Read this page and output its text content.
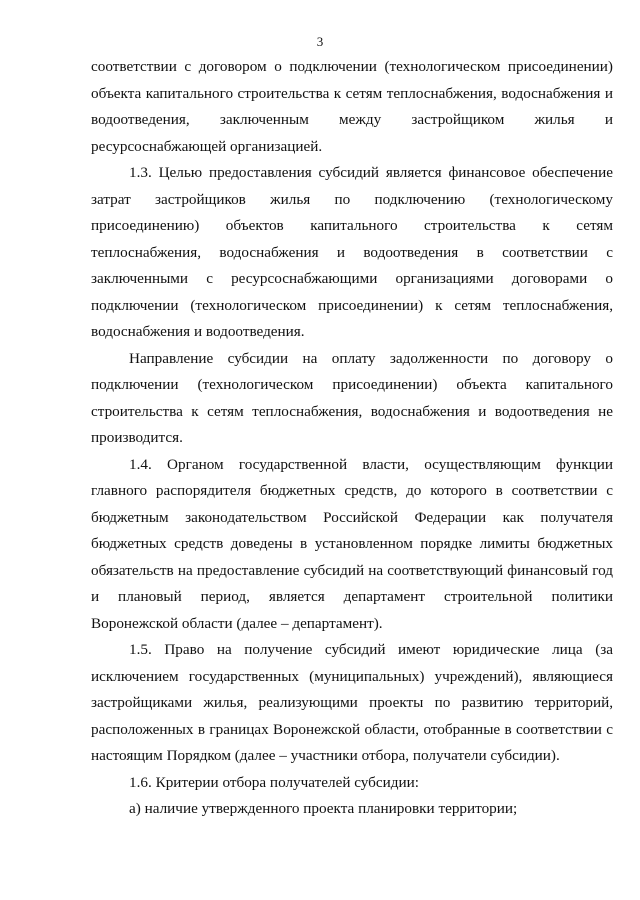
3

соответствии с договором о подключении (технологическом присоединении) объекта капитального строительства к сетям теплоснабжения, водоснабжения и водоотведения, заключенным между застройщиком жилья и ресурсоснабжающей организацией.

1.3. Целью предоставления субсидий является финансовое обеспечение затрат застройщиков жилья по подключению (технологическому присоединению) объектов капитального строительства к сетям теплоснабжения, водоснабжения и водоотведения в соответствии с заключенными с ресурсоснабжающими организациями договорами о подключении (технологическом присоединении) к сетям теплоснабжения, водоснабжения и водоотведения.

Направление субсидии на оплату задолженности по договору о подключении (технологическом присоединении) объекта капитального строительства к сетям теплоснабжения, водоснабжения и водоотведения не производится.

1.4. Органом государственной власти, осуществляющим функции главного распорядителя бюджетных средств, до которого в соответствии с бюджетным законодательством Российской Федерации как получателя бюджетных средств доведены в установленном порядке лимиты бюджетных обязательств на предоставление субсидий на соответствующий финансовый год и плановый период, является департамент строительной политики Воронежской области (далее – департамент).

1.5. Право на получение субсидий имеют юридические лица (за исключением государственных (муниципальных) учреждений), являющиеся застройщиками жилья, реализующими проекты по развитию территорий, расположенных в границах Воронежской области, отобранные в соответствии с настоящим Порядком (далее – участники отбора, получатели субсидии).

1.6. Критерии отбора получателей субсидии:

а) наличие утвержденного проекта планировки территории;
